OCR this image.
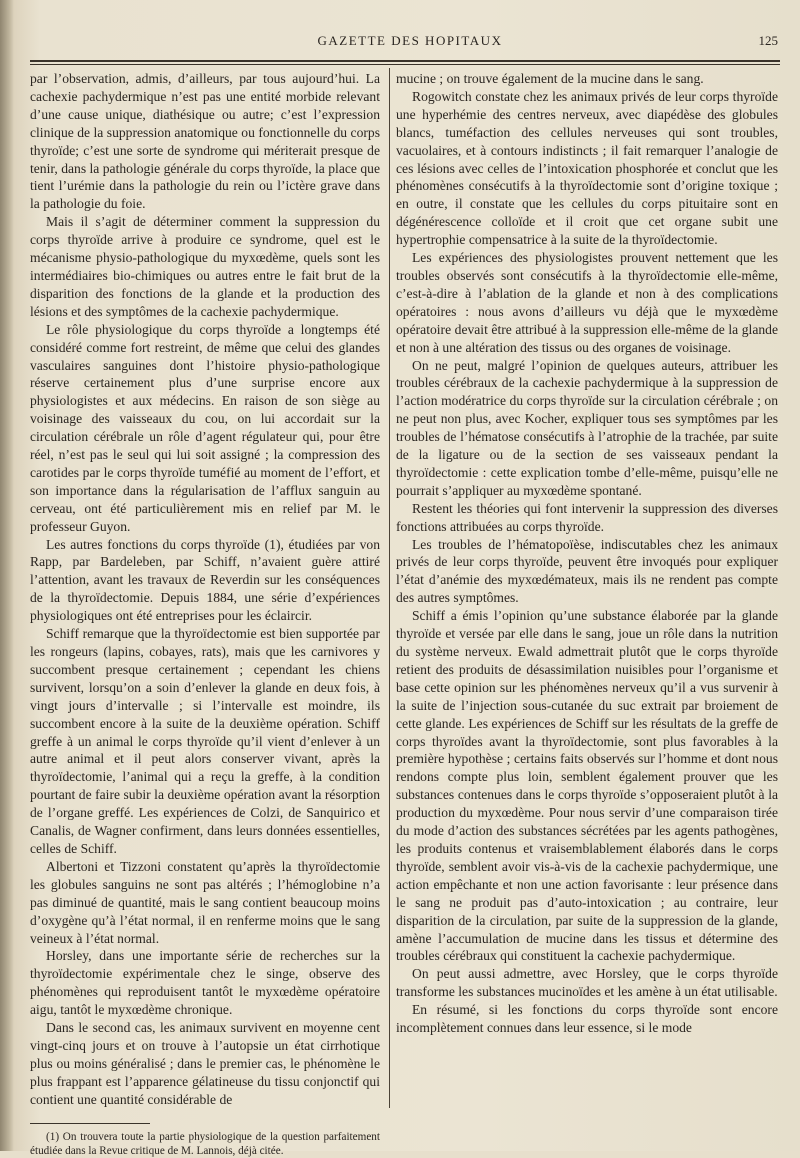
GAZETTE DES HOPITAUX	125

par l’observation, admis, d’ailleurs, par tous aujourd’hui. La cachexie pachydermique n’est pas une entité morbide relevant d’une cause unique, diathésique ou autre; c’est l’expression clinique de la suppression anatomique ou fonctionnelle du corps thyroïde; c’est une sorte de syndrome qui mériterait presque de tenir, dans la pathologie générale du corps thyroïde, la place que tient l’urémie dans la pathologie du rein ou l’ictère grave dans la pathologie du foie.

Mais il s’agit de déterminer comment la suppression du corps thyroïde arrive à produire ce syndrome, quel est le mécanisme physio-pathologique du myxœdème, quels sont les intermédiaires bio-chimiques ou autres entre le fait brut de la disparition des fonctions de la glande et la production des lésions et des symptômes de la cachexie pachydermique.

Le rôle physiologique du corps thyroïde a longtemps été considéré comme fort restreint, de même que celui des glandes vasculaires sanguines dont l’histoire physio-pathologique réserve certainement plus d’une surprise encore aux physiologistes et aux médecins. En raison de son siège au voisinage des vaisseaux du cou, on lui accordait sur la circulation cérébrale un rôle d’agent régulateur qui, pour être réel, n’est pas le seul qui lui soit assigné ; la compression des carotides par le corps thyroïde tuméfié au moment de l’effort, et son importance dans la régularisation de l’afflux sanguin au cerveau, ont été particulièrement mis en relief par M. le professeur Guyon.

Les autres fonctions du corps thyroïde (1), étudiées par von Rapp, par Bardeleben, par Schiff, n’avaient guère attiré l’attention, avant les travaux de Reverdin sur les conséquences de la thyroïdectomie. Depuis 1884, une série d’expériences physiologiques ont été entreprises pour les éclaircir.

Schiff remarque que la thyroïdectomie est bien supportée par les rongeurs (lapins, cobayes, rats), mais que les carnivores y succombent presque certainement ; cependant les chiens survivent, lorsqu’on a soin d’enlever la glande en deux fois, à vingt jours d’intervalle ; si l’intervalle est moindre, ils succombent encore à la suite de la deuxième opération. Schiff greffe à un animal le corps thyroïde qu’il vient d’enlever à un autre animal et il peut alors conserver vivant, après la thyroïdectomie, l’animal qui a reçu la greffe, à la condition pourtant de faire subir la deuxième opération avant la résorption de l’organe greffé. Les expériences de Colzi, de Sanquirico et Canalis, de Wagner confirment, dans leurs données essentielles, celles de Schiff.

Albertoni et Tizzoni constatent qu’après la thyroïdectomie les globules sanguins ne sont pas altérés ; l’hémoglobine n’a pas diminué de quantité, mais le sang contient beaucoup moins d’oxygène qu’à l’état normal, il en renferme moins que le sang veineux à l’état normal.

Horsley, dans une importante série de recherches sur la thyroïdectomie expérimentale chez le singe, observe des phénomènes qui reproduisent tantôt le myxœdème opératoire aigu, tantôt le myxœdème chronique.

Dans le second cas, les animaux survivent en moyenne cent vingt-cinq jours et on trouve à l’autopsie un état cirrhotique plus ou moins généralisé ; dans le premier cas, le phénomène le plus frappant est l’apparence gélatineuse du tissu conjonctif qui contient une quantité considérable de

(1) On trouvera toute la partie physiologique de la question parfaitement étudiée dans la Revue critique de M. Lannois, déjà citée.

mucine ; on trouve également de la mucine dans le sang.

Rogowitch constate chez les animaux privés de leur corps thyroïde une hyperhémie des centres nerveux, avec diapédèse des globules blancs, tuméfaction des cellules nerveuses qui sont troubles, vacuolaires, et à contours indistincts ; il fait remarquer l’analogie de ces lésions avec celles de l’intoxication phosphorée et conclut que les phénomènes consécutifs à la thyroïdectomie sont d’origine toxique ; en outre, il constate que les cellules du corps pituitaire sont en dégénérescence colloïde et il croit que cet organe subit une hypertrophie compensatrice à la suite de la thyroïdectomie.

Les expériences des physiologistes prouvent nettement que les troubles observés sont consécutifs à la thyroïdectomie elle-même, c’est-à-dire à l’ablation de la glande et non à des complications opératoires : nous avons d’ailleurs vu déjà que le myxœdème opératoire devait être attribué à la suppression elle-même de la glande et non à une altération des tissus ou des organes de voisinage.

On ne peut, malgré l’opinion de quelques auteurs, attribuer les troubles cérébraux de la cachexie pachydermique à la suppression de l’action modératrice du corps thyroïde sur la circulation cérébrale ; on ne peut non plus, avec Kocher, expliquer tous ses symptômes par les troubles de l’hématose consécutifs à l’atrophie de la trachée, par suite de la ligature ou de la section de ses vaisseaux pendant la thyroïdectomie : cette explication tombe d’elle-même, puisqu’elle ne pourrait s’appliquer au myxœdème spontané.

Restent les théories qui font intervenir la suppression des diverses fonctions attribuées au corps thyroïde.

Les troubles de l’hématopoïèse, indiscutables chez les animaux privés de leur corps thyroïde, peuvent être invoqués pour expliquer l’état d’anémie des myxœdémateux, mais ils ne rendent pas compte des autres symptômes.

Schiff a émis l’opinion qu’une substance élaborée par la glande thyroïde et versée par elle dans le sang, joue un rôle dans la nutrition du système nerveux. Ewald admettrait plutôt que le corps thyroïde retient des produits de désassimilation nuisibles pour l’organisme et base cette opinion sur les phénomènes nerveux qu’il a vus survenir à la suite de l’injection sous-cutanée du suc extrait par broiement de cette glande. Les expériences de Schiff sur les résultats de la greffe de corps thyroïdes avant la thyroïdectomie, sont plus favorables à la première hypothèse ; certains faits observés sur l’homme et dont nous rendons compte plus loin, semblent également prouver que les substances contenues dans le corps thyroïde s’opposeraient plutôt à la production du myxœdème. Pour nous servir d’une comparaison tirée du mode d’action des substances sécrétées par les agents pathogènes, les produits contenus et vraisemblablement élaborés dans le corps thyroïde, semblent avoir vis-à-vis de la cachexie pachydermique, une action empêchante et non une action favorisante : leur présence dans le sang ne produit pas d’auto-intoxication ; au contraire, leur disparition de la circulation, par suite de la suppression de la glande, amène l’accumulation de mucine dans les tissus et détermine des troubles cérébraux qui constituent la cachexie pachydermique.

On peut aussi admettre, avec Horsley, que le corps thyroïde transforme les substances mucinoïdes et les amène à un état utilisable.

En résumé, si les fonctions du corps thyroïde sont encore incomplètement connues dans leur essence, si le mode
